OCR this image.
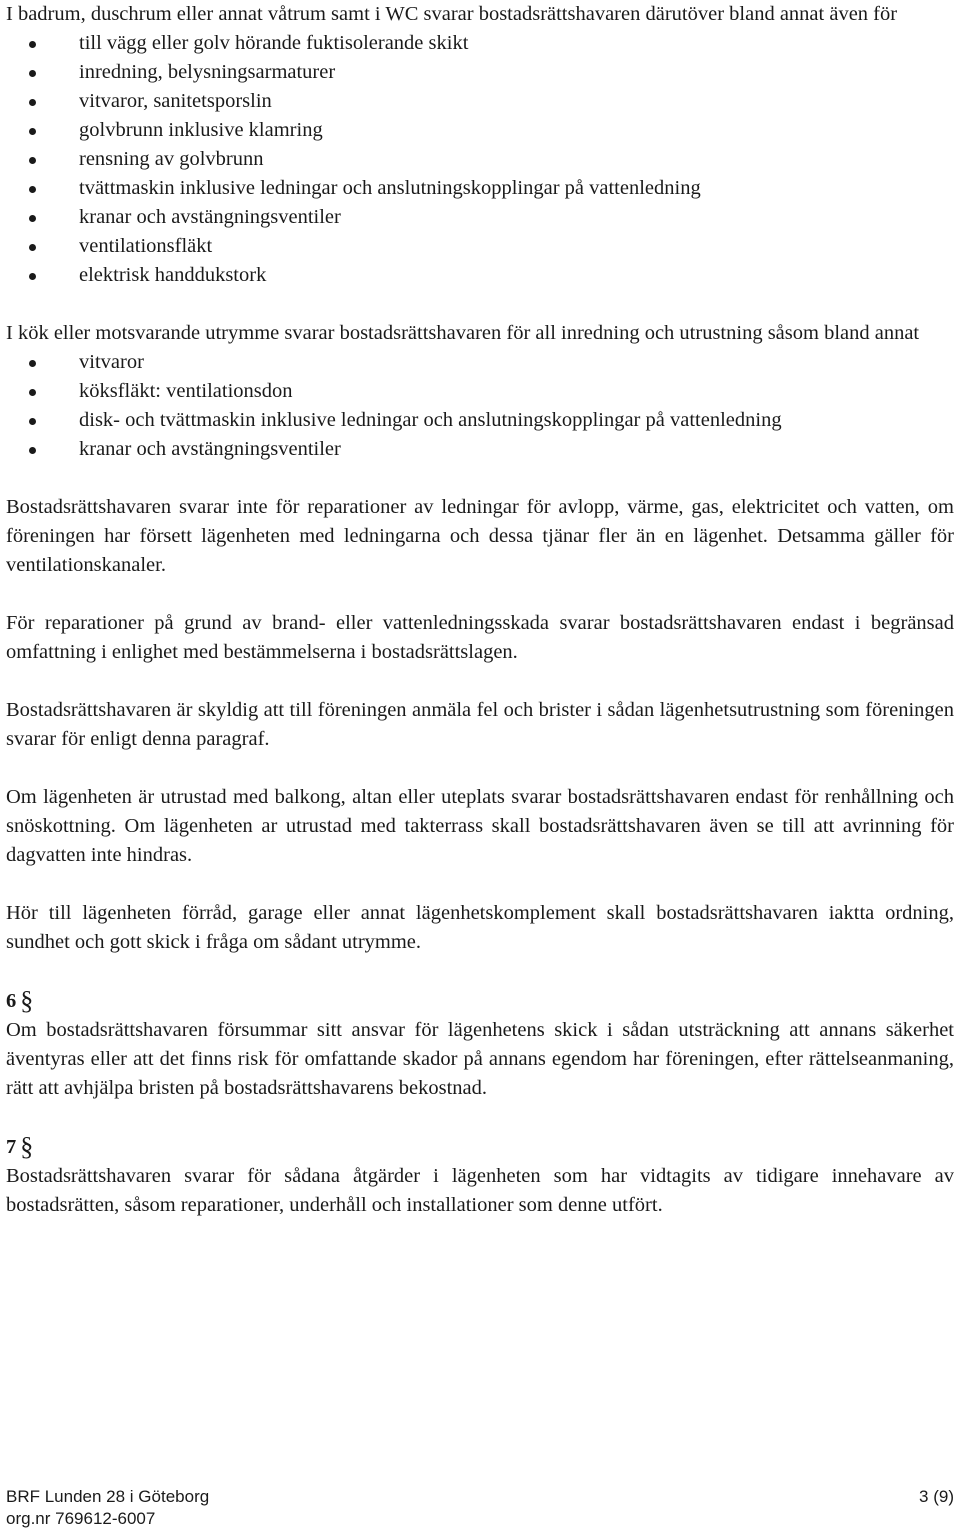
I badrum, duschrum eller annat våtrum samt i WC svarar bostadsrättshavaren därutöver bland annat även för

till vägg eller golv hörande fuktisolerande skikt
inredning, belysningsarmaturer
vitvaror, sanitetsporslin
golvbrunn inklusive klamring
rensning av golvbrunn
tvättmaskin inklusive ledningar och anslutningskopplingar på vattenledning
kranar och avstängningsventiler
ventilationsfläkt
elektrisk handdukstork

I kök eller motsvarande utrymme svarar bostadsrättshavaren för all inredning och utrustning såsom bland annat

vitvaror
köksfläkt: ventilationsdon
disk- och tvättmaskin inklusive ledningar och anslutningskopplingar på vattenledning
kranar och avstängningsventiler

Bostadsrättshavaren svarar inte för reparationer av ledningar för avlopp, värme, gas, elektricitet och vatten, om föreningen har försett lägenheten med ledningarna och dessa tjänar fler än en lägenhet. Detsamma gäller för ventilationskanaler.

För reparationer på grund av brand- eller vattenledningsskada svarar bostadsrättshavaren endast i begränsad omfattning i enlighet med bestämmelserna i bostadsrättslagen.

Bostadsrättshavaren är skyldig att till föreningen anmäla fel och brister i sådan lägenhetsutrustning som föreningen svarar för enligt denna paragraf.

Om lägenheten är utrustad med balkong, altan eller uteplats svarar bostadsrättshavaren endast för renhållning och snöskottning. Om lägenheten ar utrustad med takterrass skall bostadsrättshavaren även se till att avrinning för dagvatten inte hindras.

Hör till lägenheten förråd, garage eller annat lägenhetskomplement skall bostadsrättshavaren iaktta ordning, sundhet och gott skick i fråga om sådant utrymme.

6 §

Om bostadsrättshavaren försummar sitt ansvar för lägenhetens skick i sådan utsträckning att annans säkerhet äventyras eller att det finns risk för omfattande skador på annans egendom har föreningen, efter rättelseanmaning, rätt att avhjälpa bristen på bostadsrättshavarens bekostnad.

7 §

Bostadsrättshavaren svarar för sådana åtgärder i lägenheten som har vidtagits av tidigare innehavare av bostadsrätten, såsom reparationer, underhåll och installationer som denne utfört.

BRF Lunden 28 i Göteborg	3 (9)
org.nr 769612-6007
